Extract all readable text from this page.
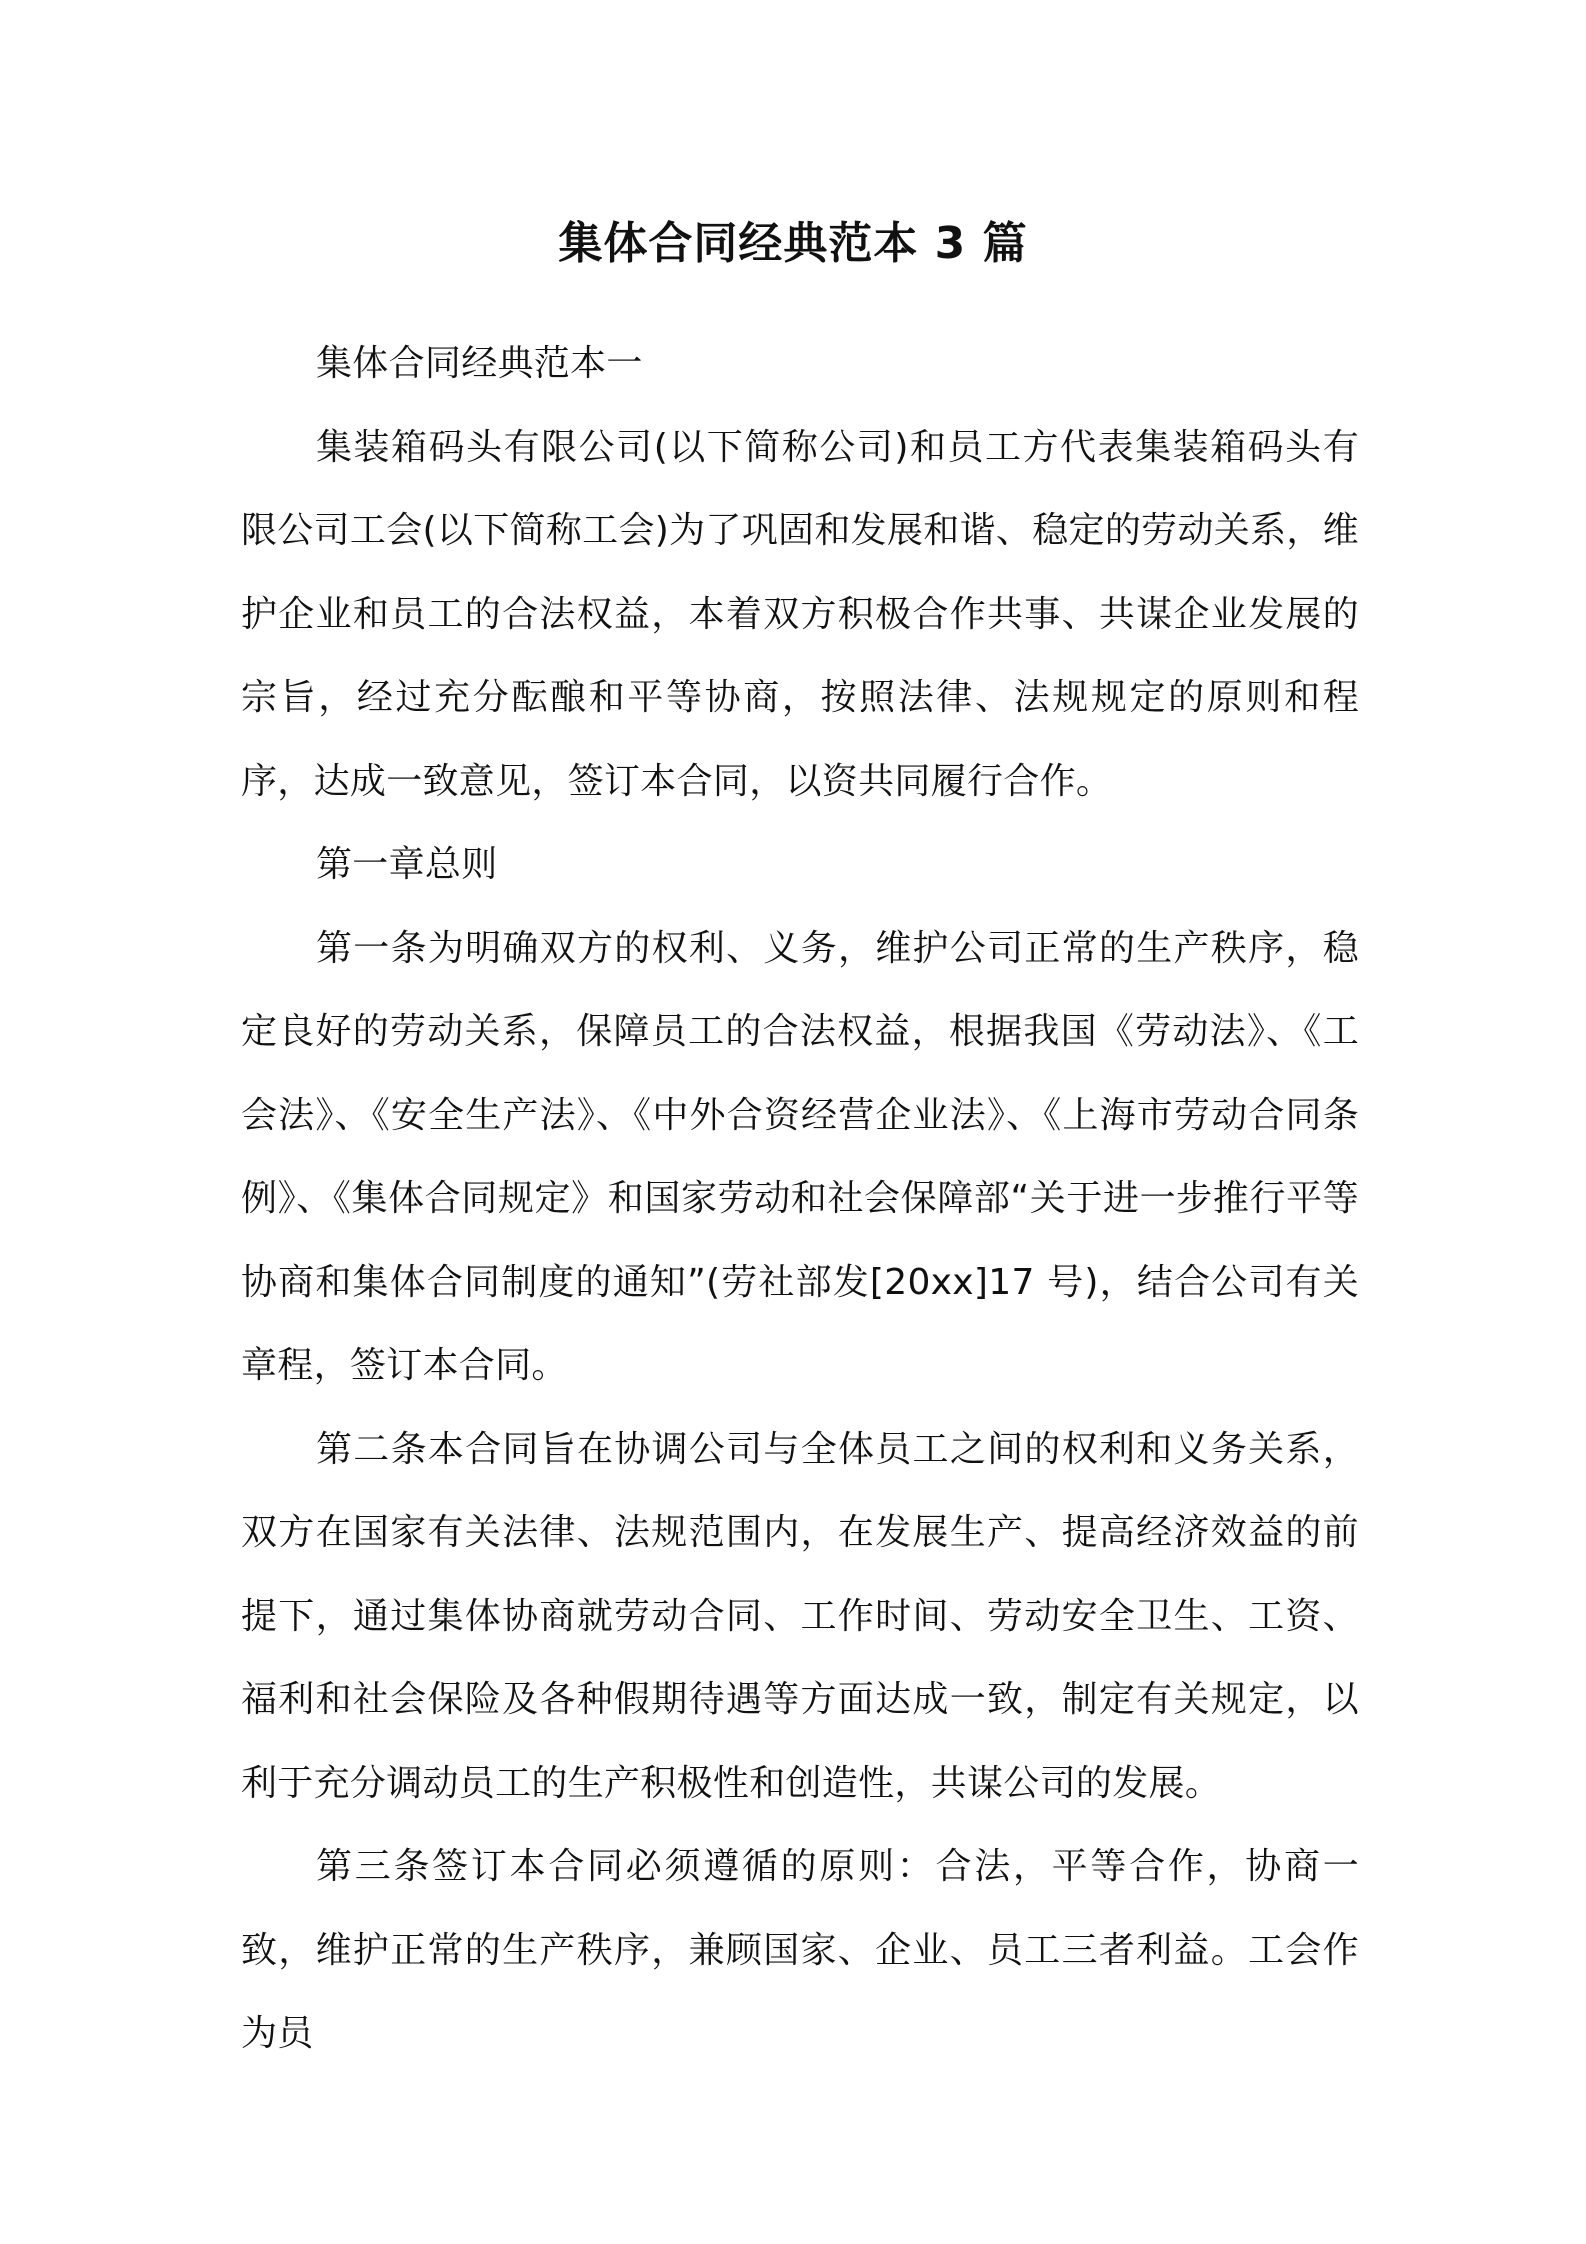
集体合同经典范本 3 篇

集体合同经典范本一

集装箱码头有限公司(以下简称公司)和员工方代表集装箱码头有限公司工会(以下简称工会)为了巩固和发展和谐、稳定的劳动关系，维护企业和员工的合法权益，本着双方积极合作共事、共谋企业发展的宗旨，经过充分酝酿和平等协商，按照法律、法规规定的原则和程序，达成一致意见，签订本合同，以资共同履行合作。

第一章总则

第一条为明确双方的权利、义务，维护公司正常的生产秩序，稳定良好的劳动关系，保障员工的合法权益，根据我国《劳动法》、《工会法》、《安全生产法》、《中外合资经营企业法》、《上海市劳动合同条例》、《集体合同规定》和国家劳动和社会保障部“关于进一步推行平等协商和集体合同制度的通知”(劳社部发[20xx]17 号)，结合公司有关章程，签订本合同。

第二条本合同旨在协调公司与全体员工之间的权利和义务关系，双方在国家有关法律、法规范围内，在发展生产、提高经济效益的前提下，通过集体协商就劳动合同、工作时间、劳动安全卫生、工资、福利和社会保险及各种假期待遇等方面达成一致，制定有关规定，以利于充分调动员工的生产积极性和创造性，共谋公司的发展。

第三条签订本合同必须遵循的原则：合法，平等合作，协商一致，维护正常的生产秩序，兼顾国家、企业、员工三者利益。工会作为员
